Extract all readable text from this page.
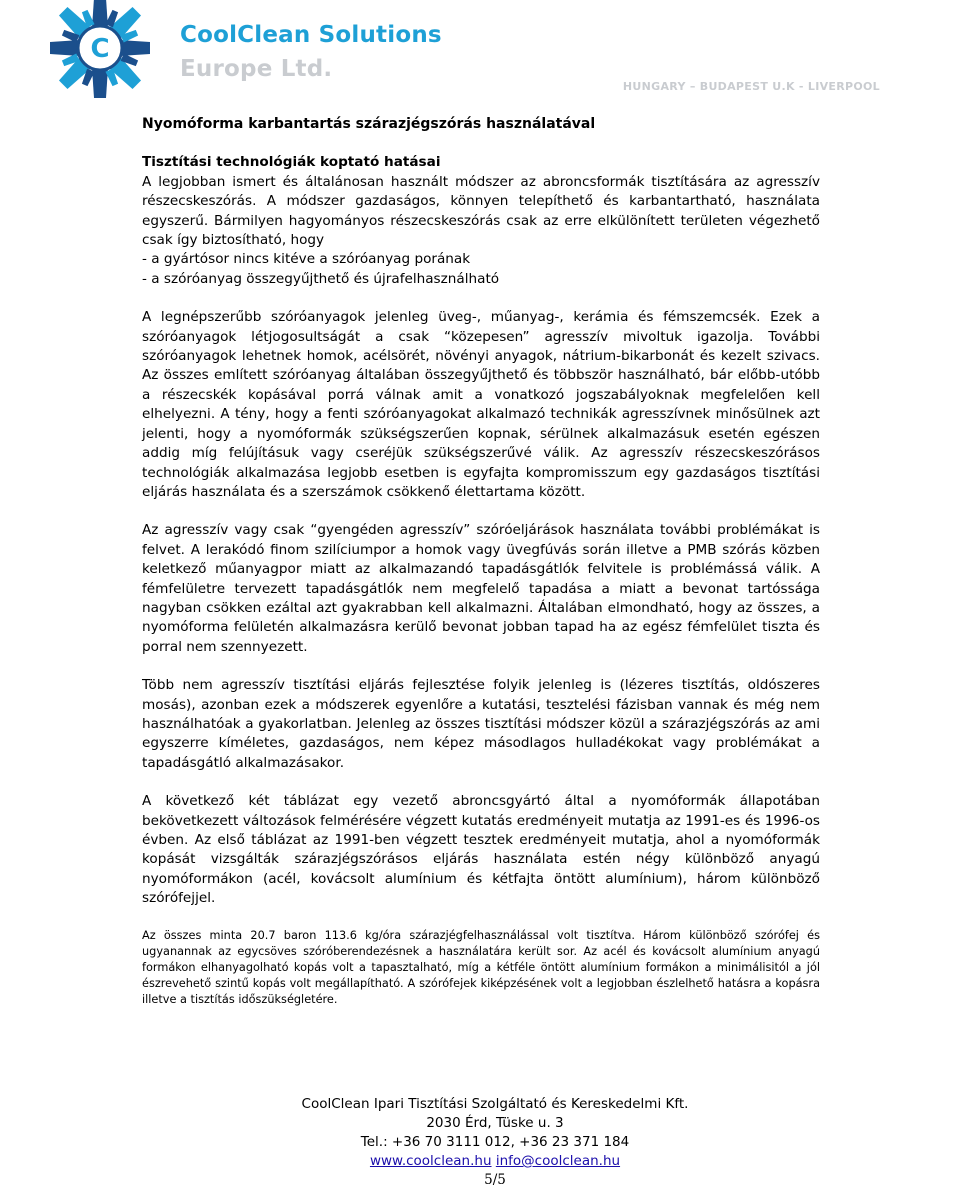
C	CoolClean Solutions
Europe Ltd.
HUNGARY – BUDAPEST U.K - LIVERPOOL

Nyomóforma karbantartás szárazjégszórás használatával

Tisztítási technológiák koptató hatásai

A legjobban ismert és általánosan használt módszer az abroncsformák tisztítására az agresszív részecskeszórás. A módszer gazdaságos, könnyen telepíthető és karbantartható, használata egyszerű. Bármilyen hagyományos részecskeszórás csak az erre elkülönített területen végezhető csak így biztosítható, hogy

- a gyártósor nincs kitéve a szóróanyag porának

- a szóróanyag összegyűjthető és újrafelhasználható

A legnépszerűbb szóróanyagok jelenleg üveg-, műanyag-, kerámia és fémszemcsék. Ezek a szóróanyagok létjogosultságát a csak “közepesen” agresszív mivoltuk igazolja. További szóróanyagok lehetnek homok, acélsörét, növényi anyagok, nátrium-bikarbonát és kezelt szivacs. Az összes említett szóróanyag általában összegyűjthető és többször használható, bár előbb-utóbb a részecskék kopásával porrá válnak amit a vonatkozó jogszabályoknak megfelelően kell elhelyezni. A tény, hogy a fenti szóróanyagokat alkalmazó technikák agresszívnek minősülnek azt jelenti, hogy a nyomóformák szükségszerűen kopnak, sérülnek alkalmazásuk esetén egészen addig míg felújításuk vagy cseréjük szükségszerűvé válik. Az agresszív részecskeszórásos technológiák alkalmazása legjobb esetben is egyfajta kompromisszum egy gazdaságos tisztítási eljárás használata és a szerszámok csökkenő élettartama között.

Az agresszív vagy csak “gyengéden agresszív” szóróeljárások használata további problémákat is felvet. A lerakódó finom szilíciumpor a homok vagy üvegfúvás során illetve a PMB szórás közben keletkező műanyagpor miatt az alkalmazandó tapadásgátlók felvitele is problémássá válik. A fémfelületre tervezett tapadásgátlók nem megfelelő tapadása a miatt a bevonat tartóssága nagyban csökken ezáltal azt gyakrabban kell alkalmazni. Általában elmondható, hogy az összes, a nyomóforma felületén alkalmazásra kerülő bevonat jobban tapad ha az egész fémfelület tiszta és porral nem szennyezett.

Több nem agresszív tisztítási eljárás fejlesztése folyik jelenleg is (lézeres tisztítás, oldószeres mosás), azonban ezek a módszerek egyenlőre a kutatási, tesztelési fázisban vannak és még nem használhatóak a gyakorlatban. Jelenleg az összes tisztítási módszer közül a szárazjégszórás az ami egyszerre kíméletes, gazdaságos, nem képez másodlagos hulladékokat vagy problémákat a tapadásgátló alkalmazásakor.

A következő két táblázat egy vezető abroncsgyártó által a nyomóformák állapotában bekövetkezett változások felmérésére végzett kutatás eredményeit mutatja az 1991-es és 1996-os évben. Az első táblázat az 1991-ben végzett tesztek eredményeit mutatja, ahol a nyomóformák kopását vizsgálták szárazjégszórásos eljárás használata estén négy különböző anyagú nyomóformákon (acél, kovácsolt alumínium és kétfajta öntött alumínium), három különböző szórófejjel.

Az összes minta 20.7 baron 113.6 kg/óra szárazjégfelhasználással volt tisztítva. Három különböző szórófej és ugyanannak az egycsöves szóróberendezésnek a használatára került sor. Az acél és kovácsolt alumínium anyagú formákon elhanyagolható kopás volt a tapasztalható, míg a kétféle öntött alumínium formákon a minimálisitól a jól észrevehető szintű kopás volt megállapítható. A szórófejek kiképzésének volt a legjobban észlelhető hatásra a kopásra illetve a tisztítás időszükségletére.

CoolClean Ipari Tisztítási Szolgáltató és Kereskedelmi Kft.
2030 Érd, Tüske u. 3
Tel.: +36 70 3111 012, +36 23 371 184
www.coolclean.hu info@coolclean.hu
5/5
